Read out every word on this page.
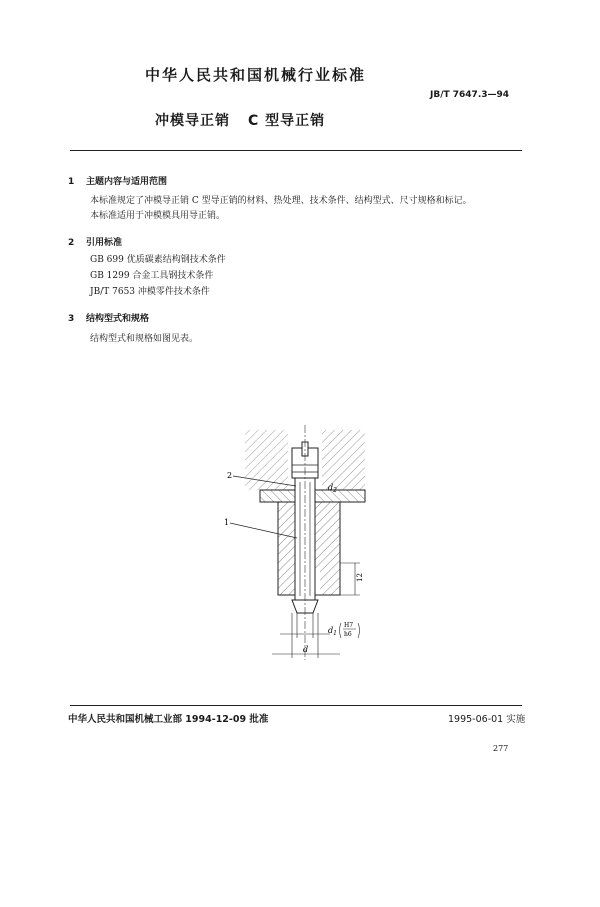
中华人民共和国机械行业标准
JB/T 7647.3—94
冲模导正销 C 型导正销
1 主题内容与适用范围
本标准规定了冲模导正销 C 型导正销的材料、热处理、技术条件、结构型式、尺寸规格和标记。
本标准适用于冲模模具用导正销。
2 引用标准
GB 699 优质碳素结构钢技术条件
GB 1299 合金工具钢技术条件
JB/T 7653 冲模零件技术条件
3 结构型式和规格
结构型式和规格如图见表。
2
1
$d_2$
12
$d_1$
H7
h6
d
中华人民共和国机械工业部 1994-12-09 批准	1995-06-01 实施
277
